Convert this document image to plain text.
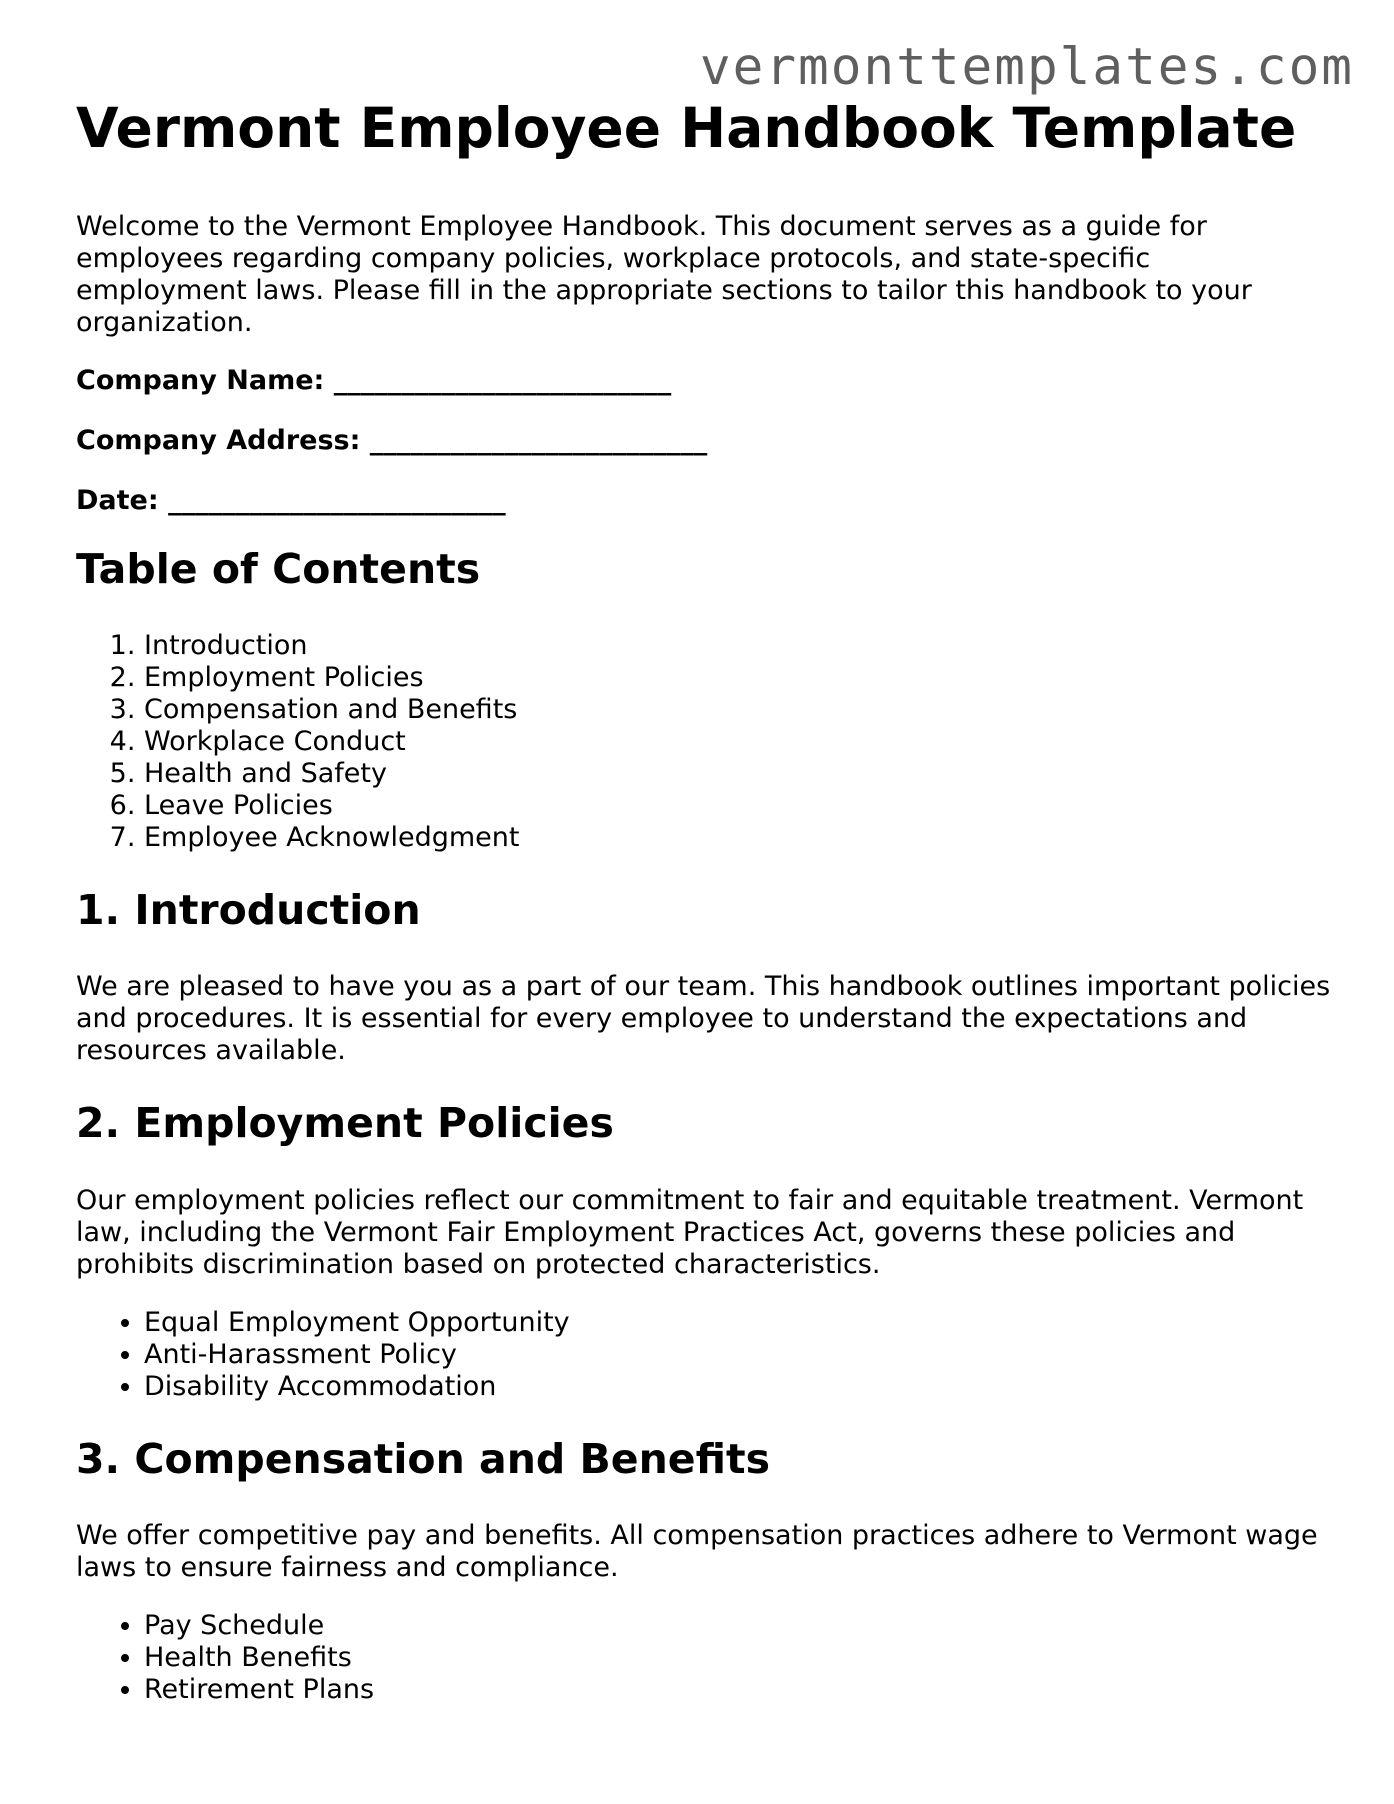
vermonttemplates.com
Vermont Employee Handbook Template

Welcome to the Vermont Employee Handbook. This document serves as a guide for employees regarding company policies, workplace protocols, and state-specific employment laws. Please fill in the appropriate sections to tailor this handbook to your organization.

Company Name: _________________________
Company Address: _________________________
Date: _________________________
Table of Contents
1. Introduction
2. Employment Policies
3. Compensation and Benefits
4. Workplace Conduct
5. Health and Safety
6. Leave Policies
7. Employee Acknowledgment
1. Introduction

We are pleased to have you as a part of our team. This handbook outlines important policies and procedures. It is essential for every employee to understand the expectations and resources available.

2. Employment Policies

Our employment policies reflect our commitment to fair and equitable treatment. Vermont law, including the Vermont Fair Employment Practices Act, governs these policies and prohibits discrimination based on protected characteristics.

• Equal Employment Opportunity
• Anti-Harassment Policy
• Disability Accommodation
3. Compensation and Benefits

We offer competitive pay and benefits. All compensation practices adhere to Vermont wage laws to ensure fairness and compliance.

• Pay Schedule
• Health Benefits
• Retirement Plans
